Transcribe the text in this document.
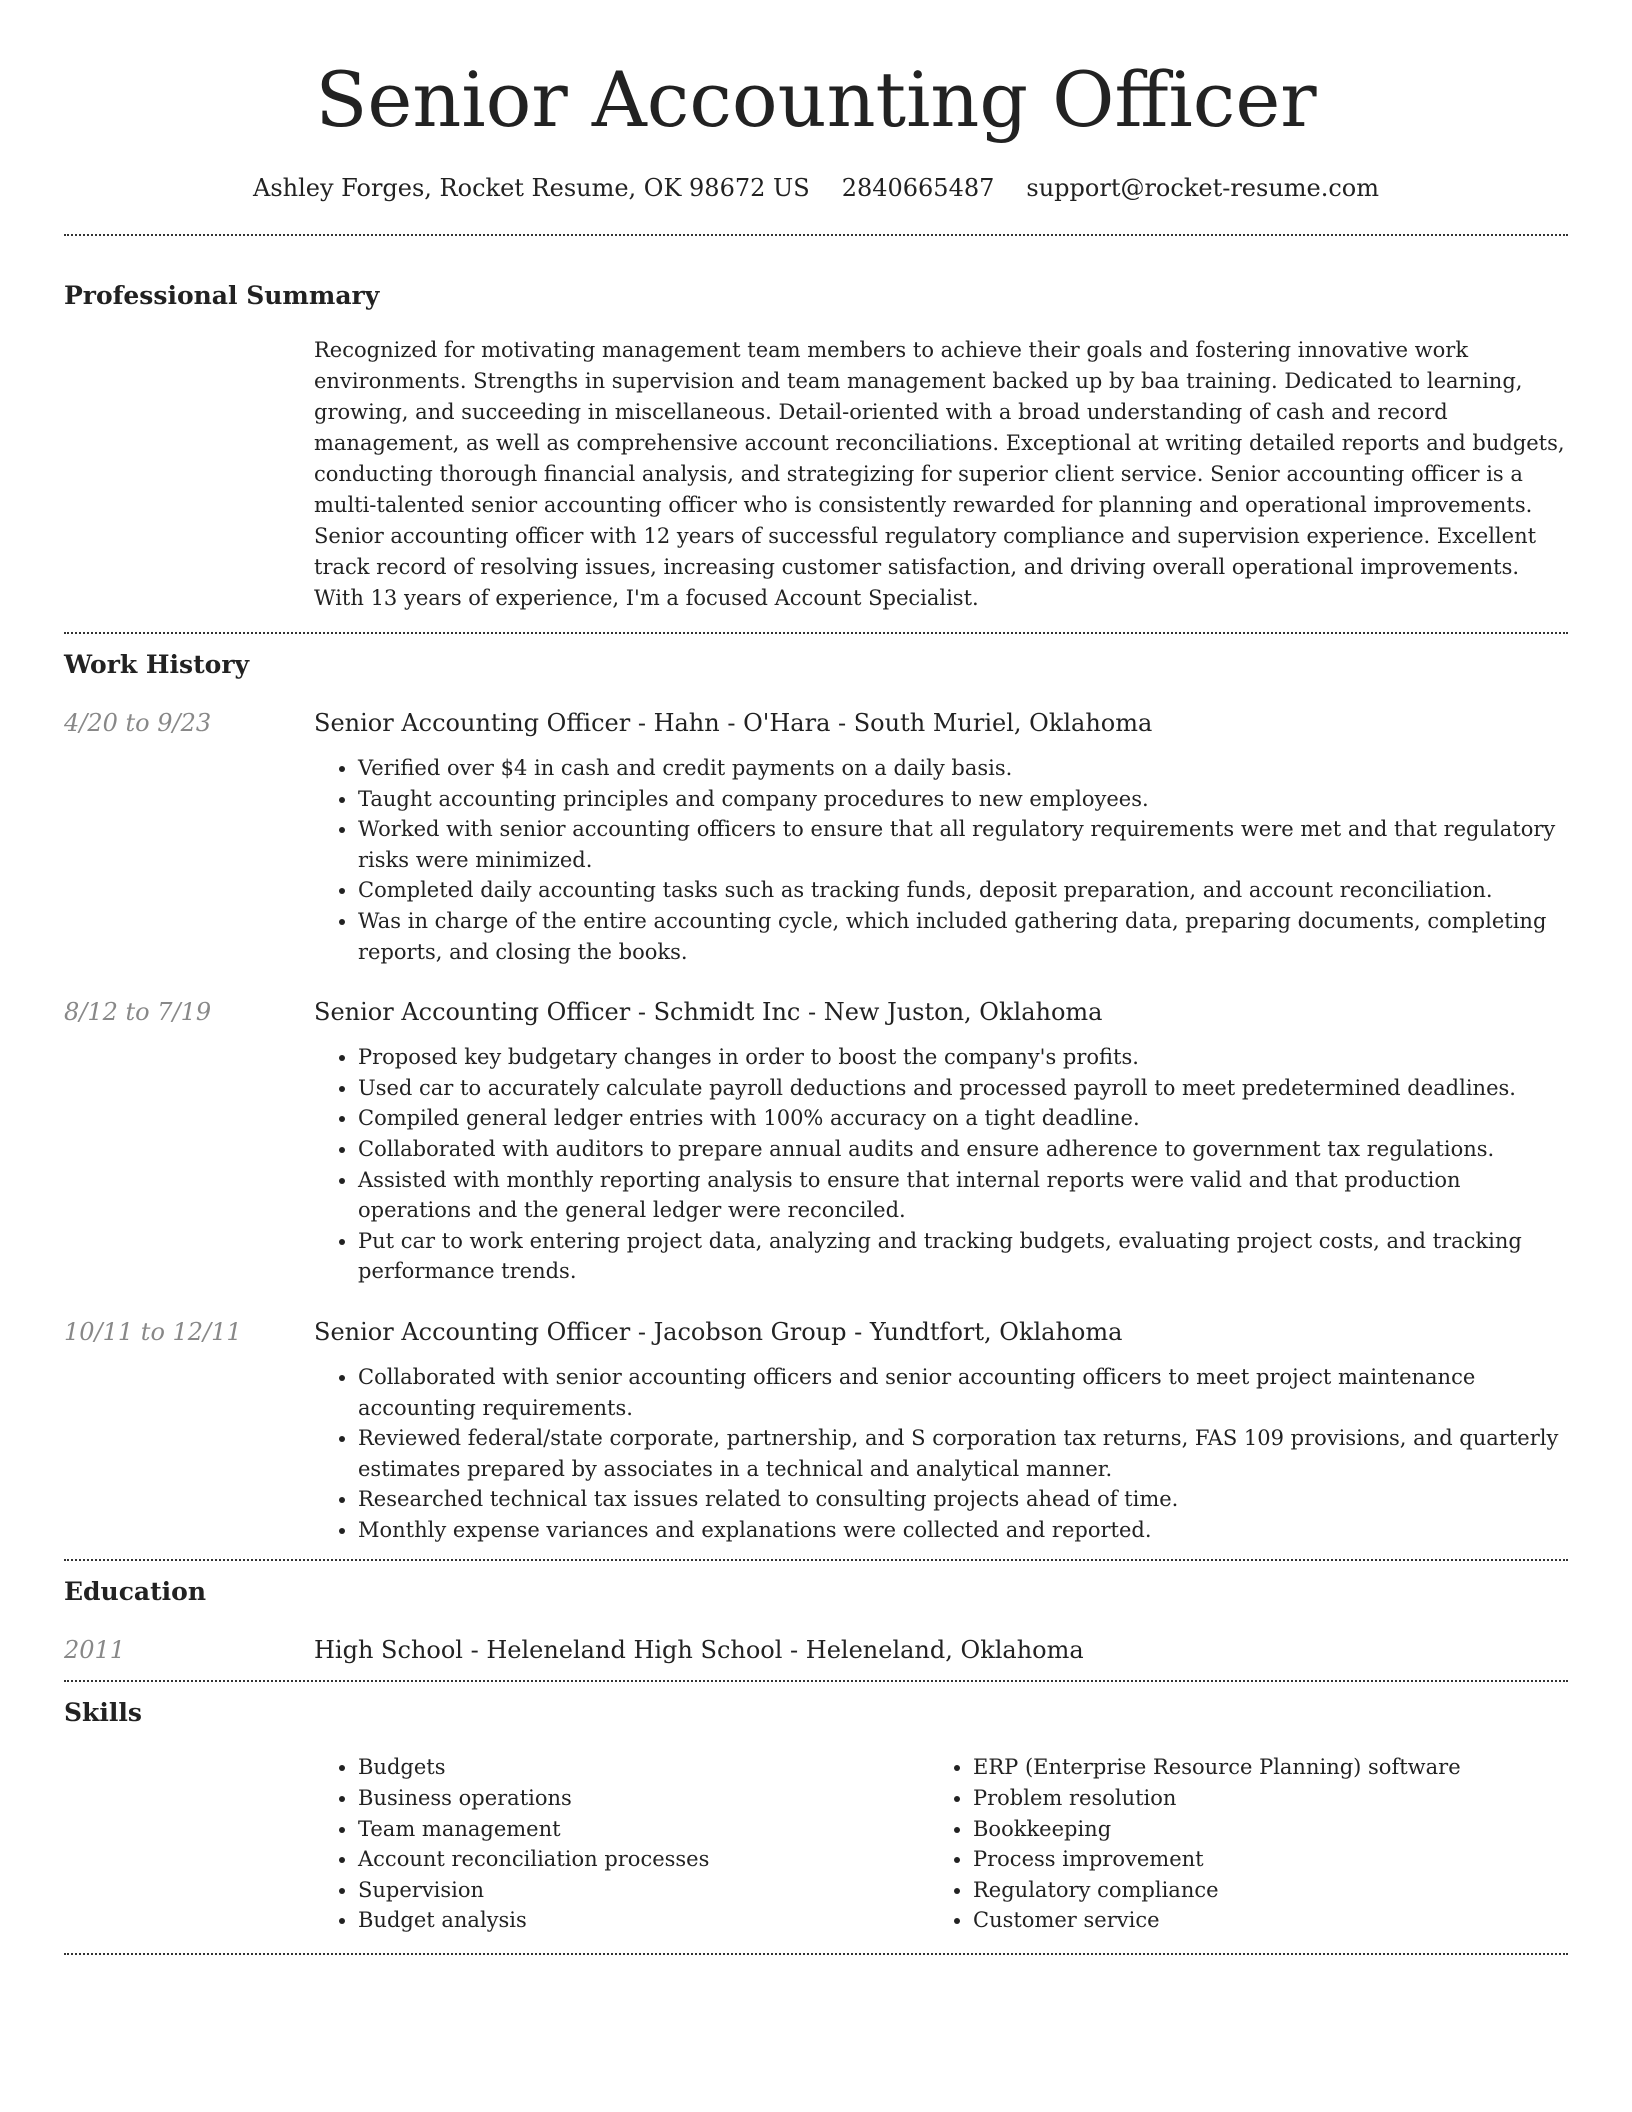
Senior Accounting Officer
Ashley Forges, Rocket Resume, OK 98672 US 2840665487 support@rocket-resume.com
Professional Summary

Recognized for motivating management team members to achieve their goals and fostering innovative work environments. Strengths in supervision and team management backed up by baa training. Dedicated to learning, growing, and succeeding in miscellaneous. Detail-oriented with a broad understanding of cash and record management, as well as comprehensive account reconciliations. Exceptional at writing detailed reports and budgets, conducting thorough financial analysis, and strategizing for superior client service. Senior accounting officer is a multi-talented senior accounting officer who is consistently rewarded for planning and operational improvements. Senior accounting officer with 12 years of successful regulatory compliance and supervision experience. Excellent track record of resolving issues, increasing customer satisfaction, and driving overall operational improvements. With 13 years of experience, I'm a focused Account Specialist.

Work History
4/20 to 9/23	Senior Accounting Officer - Hahn - O'Hara - South Muriel, Oklahoma
• Verified over $4 in cash and credit payments on a daily basis.
• Taught accounting principles and company procedures to new employees.
• Worked with senior accounting officers to ensure that all regulatory requirements were met and that regulatory risks were minimized.
• Completed daily accounting tasks such as tracking funds, deposit preparation, and account reconciliation.
• Was in charge of the entire accounting cycle, which included gathering data, preparing documents, completing reports, and closing the books.
8/12 to 7/19	Senior Accounting Officer - Schmidt Inc - New Juston, Oklahoma
• Proposed key budgetary changes in order to boost the company's profits.
• Used car to accurately calculate payroll deductions and processed payroll to meet predetermined deadlines.
• Compiled general ledger entries with 100% accuracy on a tight deadline.
• Collaborated with auditors to prepare annual audits and ensure adherence to government tax regulations.
• Assisted with monthly reporting analysis to ensure that internal reports were valid and that production operations and the general ledger were reconciled.
• Put car to work entering project data, analyzing and tracking budgets, evaluating project costs, and tracking performance trends.
10/11 to 12/11	Senior Accounting Officer - Jacobson Group - Yundtfort, Oklahoma
• Collaborated with senior accounting officers and senior accounting officers to meet project maintenance accounting requirements.
• Reviewed federal/state corporate, partnership, and S corporation tax returns, FAS 109 provisions, and quarterly estimates prepared by associates in a technical and analytical manner.
• Researched technical tax issues related to consulting projects ahead of time.
• Monthly expense variances and explanations were collected and reported.
Education
2011	High School - Heleneland High School - Heleneland, Oklahoma
Skills
• Budgets
• Business operations
• Team management
• Account reconciliation processes
• Supervision
• Budget analysis
• ERP (Enterprise Resource Planning) software
• Problem resolution
• Bookkeeping
• Process improvement
• Regulatory compliance
• Customer service
